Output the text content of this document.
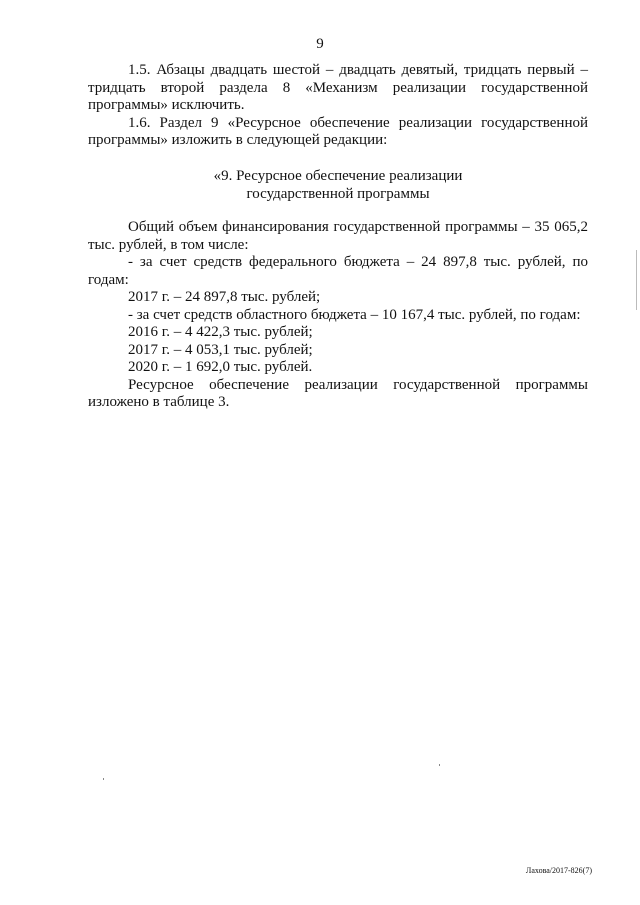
9

1.5. Абзацы двадцать шестой – двадцать девятый, тридцать первый – тридцать второй раздела 8 «Механизм реализации государственной программы» исключить.

1.6. Раздел 9 «Ресурсное обеспечение реализации государственной программы» изложить в следующей редакции:

«9. Ресурсное обеспечение реализации
государственной программы

Общий объем финансирования государственной программы – 35 065,2 тыс. рублей, в том числе:

- за счет средств федерального бюджета – 24 897,8 тыс. рублей, по годам:

2017 г. – 24 897,8 тыс. рублей;

- за счет средств областного бюджета – 10 167,4 тыс. рублей, по годам:

2016 г. – 4 422,3 тыс. рублей;

2017 г. – 4 053,1 тыс. рублей;

2020 г. – 1 692,0 тыс. рублей.

Ресурсное обеспечение реализации государственной программы изложено в таблице 3.

Лахова/2017-826(7)
